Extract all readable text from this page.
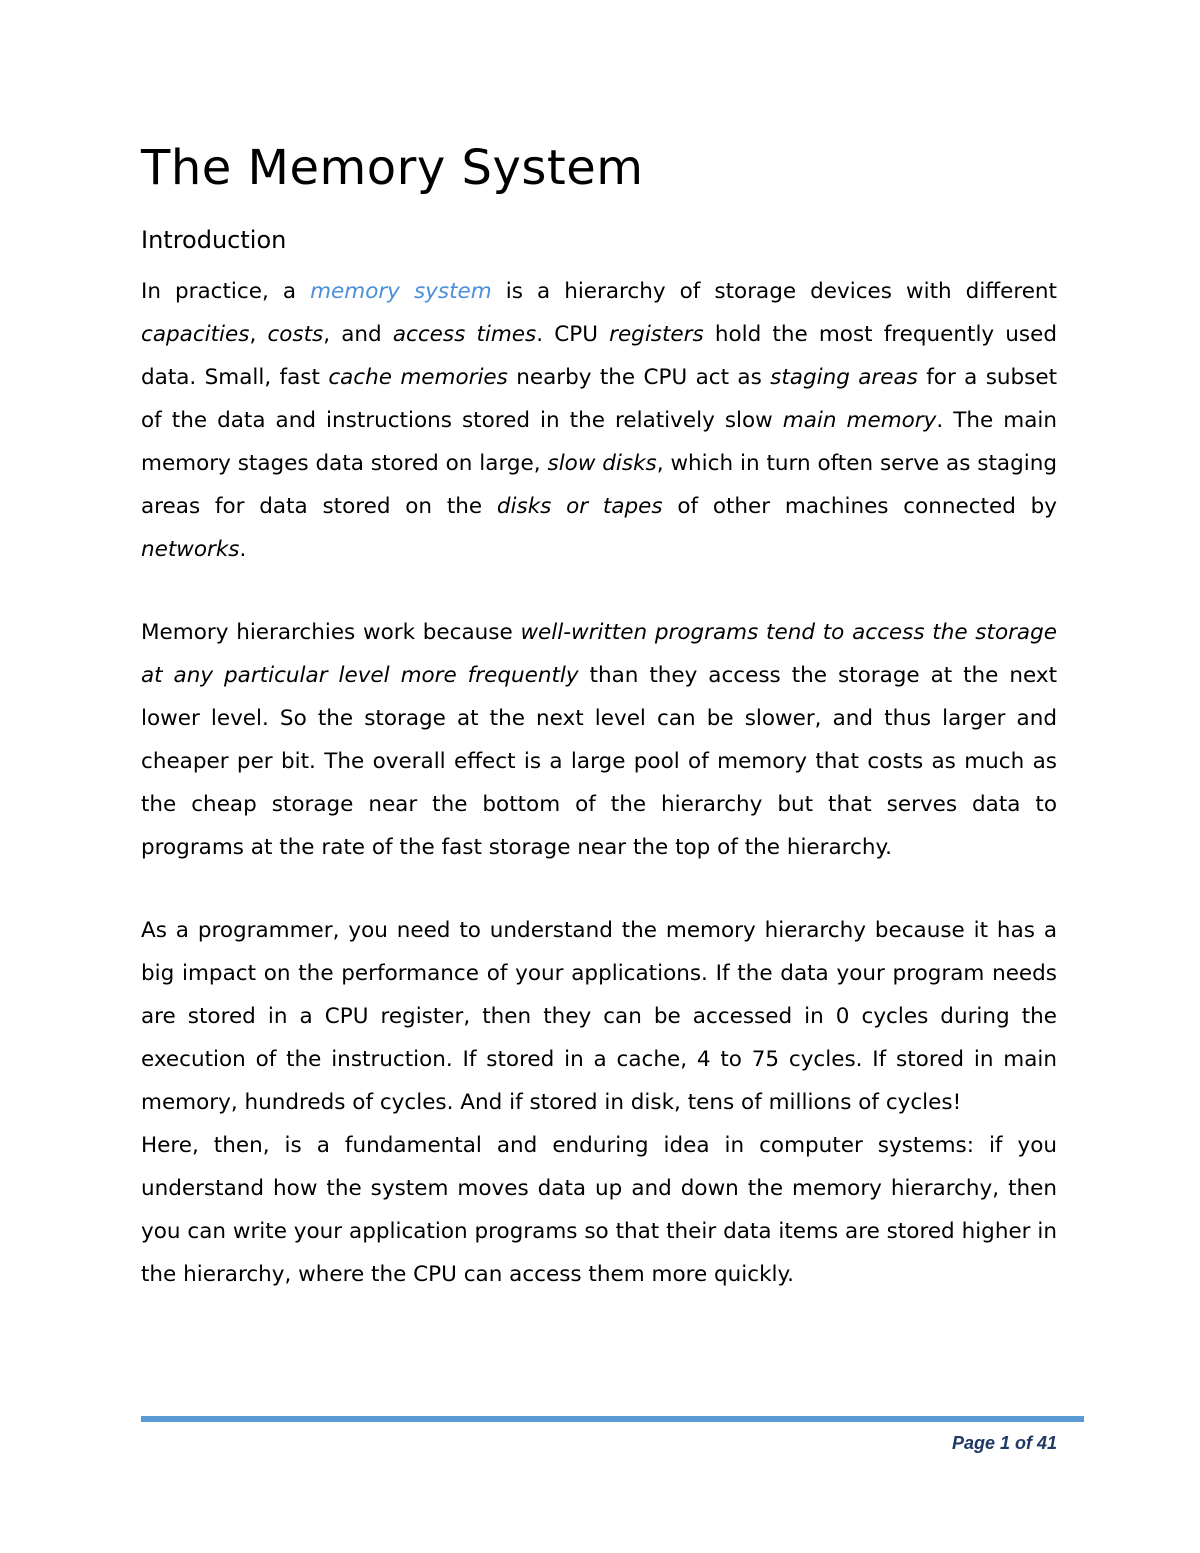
The Memory System
Introduction

In practice, a memory system is a hierarchy of storage devices with different capacities, costs, and access times. CPU registers hold the most frequently used data. Small, fast cache memories nearby the CPU act as staging areas for a subset of the data and instructions stored in the relatively slow main memory. The main memory stages data stored on large, slow disks, which in turn often serve as staging areas for data stored on the disks or tapes of other machines connected by networks.

Memory hierarchies work because well-written programs tend to access the storage at any particular level more frequently than they access the storage at the next lower level. So the storage at the next level can be slower, and thus larger and cheaper per bit. The overall effect is a large pool of memory that costs as much as the cheap storage near the bottom of the hierarchy but that serves data to programs at the rate of the fast storage near the top of the hierarchy.

As a programmer, you need to understand the memory hierarchy because it has a big impact on the performance of your applications. If the data your program needs are stored in a CPU register, then they can be accessed in 0 cycles during the execution of the instruction. If stored in a cache, 4 to 75 cycles. If stored in main memory, hundreds of cycles. And if stored in disk, tens of millions of cycles!

Here, then, is a fundamental and enduring idea in computer systems: if you understand how the system moves data up and down the memory hierarchy, then you can write your application programs so that their data items are stored higher in the hierarchy, where the CPU can access them more quickly.

Page 1 of 41
